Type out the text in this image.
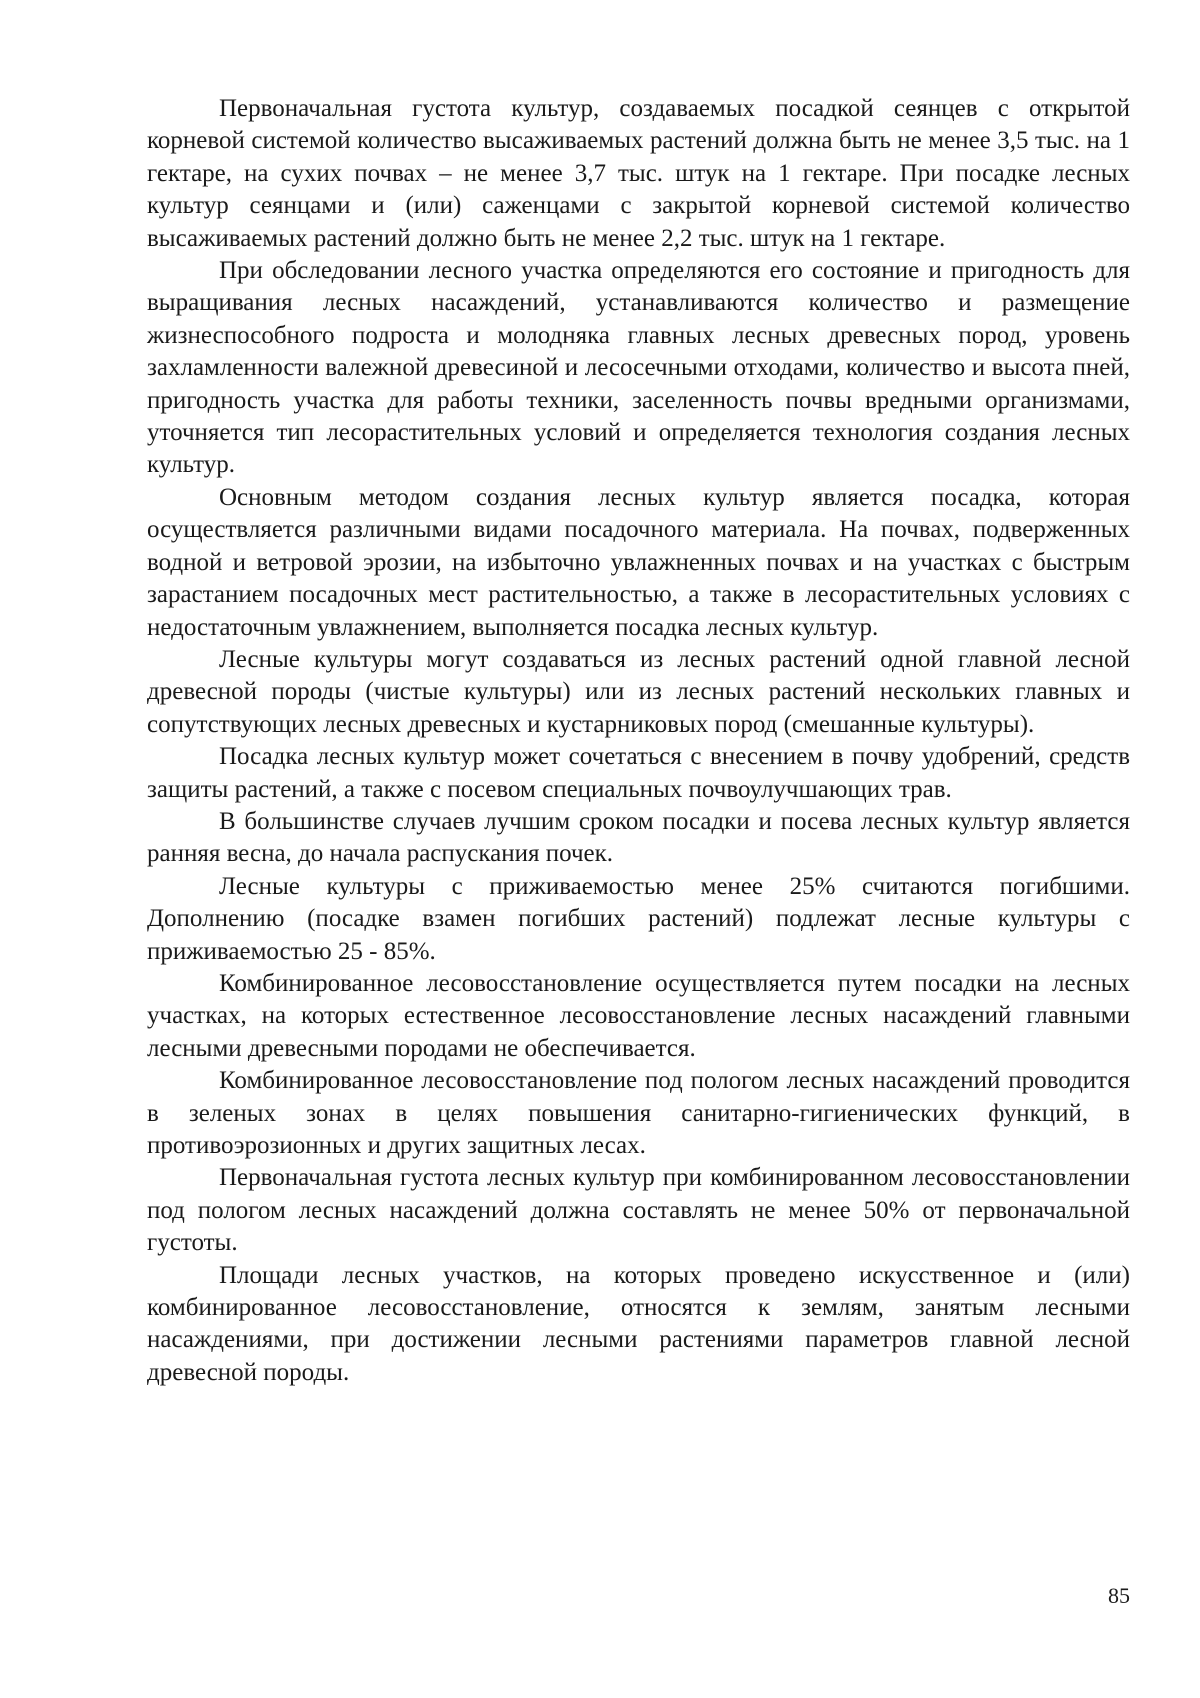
Первоначальная густота культур, создаваемых посадкой сеянцев с открытой корневой системой количество высаживаемых растений должна быть не менее 3,5 тыс. на 1 гектаре, на сухих почвах – не менее 3,7 тыс. штук на 1 гектаре. При посадке лесных культур сеянцами и (или) саженцами с закрытой корневой системой количество высаживаемых растений должно быть не менее 2,2 тыс. штук на 1 гектаре.

При обследовании лесного участка определяются его состояние и пригодность для выращивания лесных насаждений, устанавливаются количество и размещение жизнеспособного подроста и молодняка главных лесных древесных пород, уровень захламленности валежной древесиной и лесосечными отходами, количество и высота пней, пригодность участка для работы техники, заселенность почвы вредными организмами, уточняется тип лесорастительных условий и определяется технология создания лесных культур.

Основным методом создания лесных культур является посадка, которая осуществляется различными видами посадочного материала. На почвах, подверженных водной и ветровой эрозии, на избыточно увлажненных почвах и на участках с быстрым зарастанием посадочных мест растительностью, а также в лесорастительных условиях с недостаточным увлажнением, выполняется посадка лесных культур.

Лесные культуры могут создаваться из лесных растений одной главной лесной древесной породы (чистые культуры) или из лесных растений нескольких главных и сопутствующих лесных древесных и кустарниковых пород (смешанные культуры).

Посадка лесных культур может сочетаться с внесением в почву удобрений, средств защиты растений, а также с посевом специальных почвоулучшающих трав.

В большинстве случаев лучшим сроком посадки и посева лесных культур является ранняя весна, до начала распускания почек.

Лесные культуры с приживаемостью менее 25% считаются погибшими. Дополнению (посадке взамен погибших растений) подлежат лесные культуры с приживаемостью 25 - 85%.

Комбинированное лесовосстановление осуществляется путем посадки на лесных участках, на которых естественное лесовосстановление лесных насаждений главными лесными древесными породами не обеспечивается.

Комбинированное лесовосстановление под пологом лесных насаждений проводится в зеленых зонах в целях повышения санитарно-гигиенических функций, в противоэрозионных и других защитных лесах.

Первоначальная густота лесных культур при комбинированном лесовосстановлении под пологом лесных насаждений должна составлять не менее 50% от первоначальной густоты.

Площади лесных участков, на которых проведено искусственное и (или) комбинированное лесовосстановление, относятся к землям, занятым лесными насаждениями, при достижении лесными растениями параметров главной лесной древесной породы.

85
